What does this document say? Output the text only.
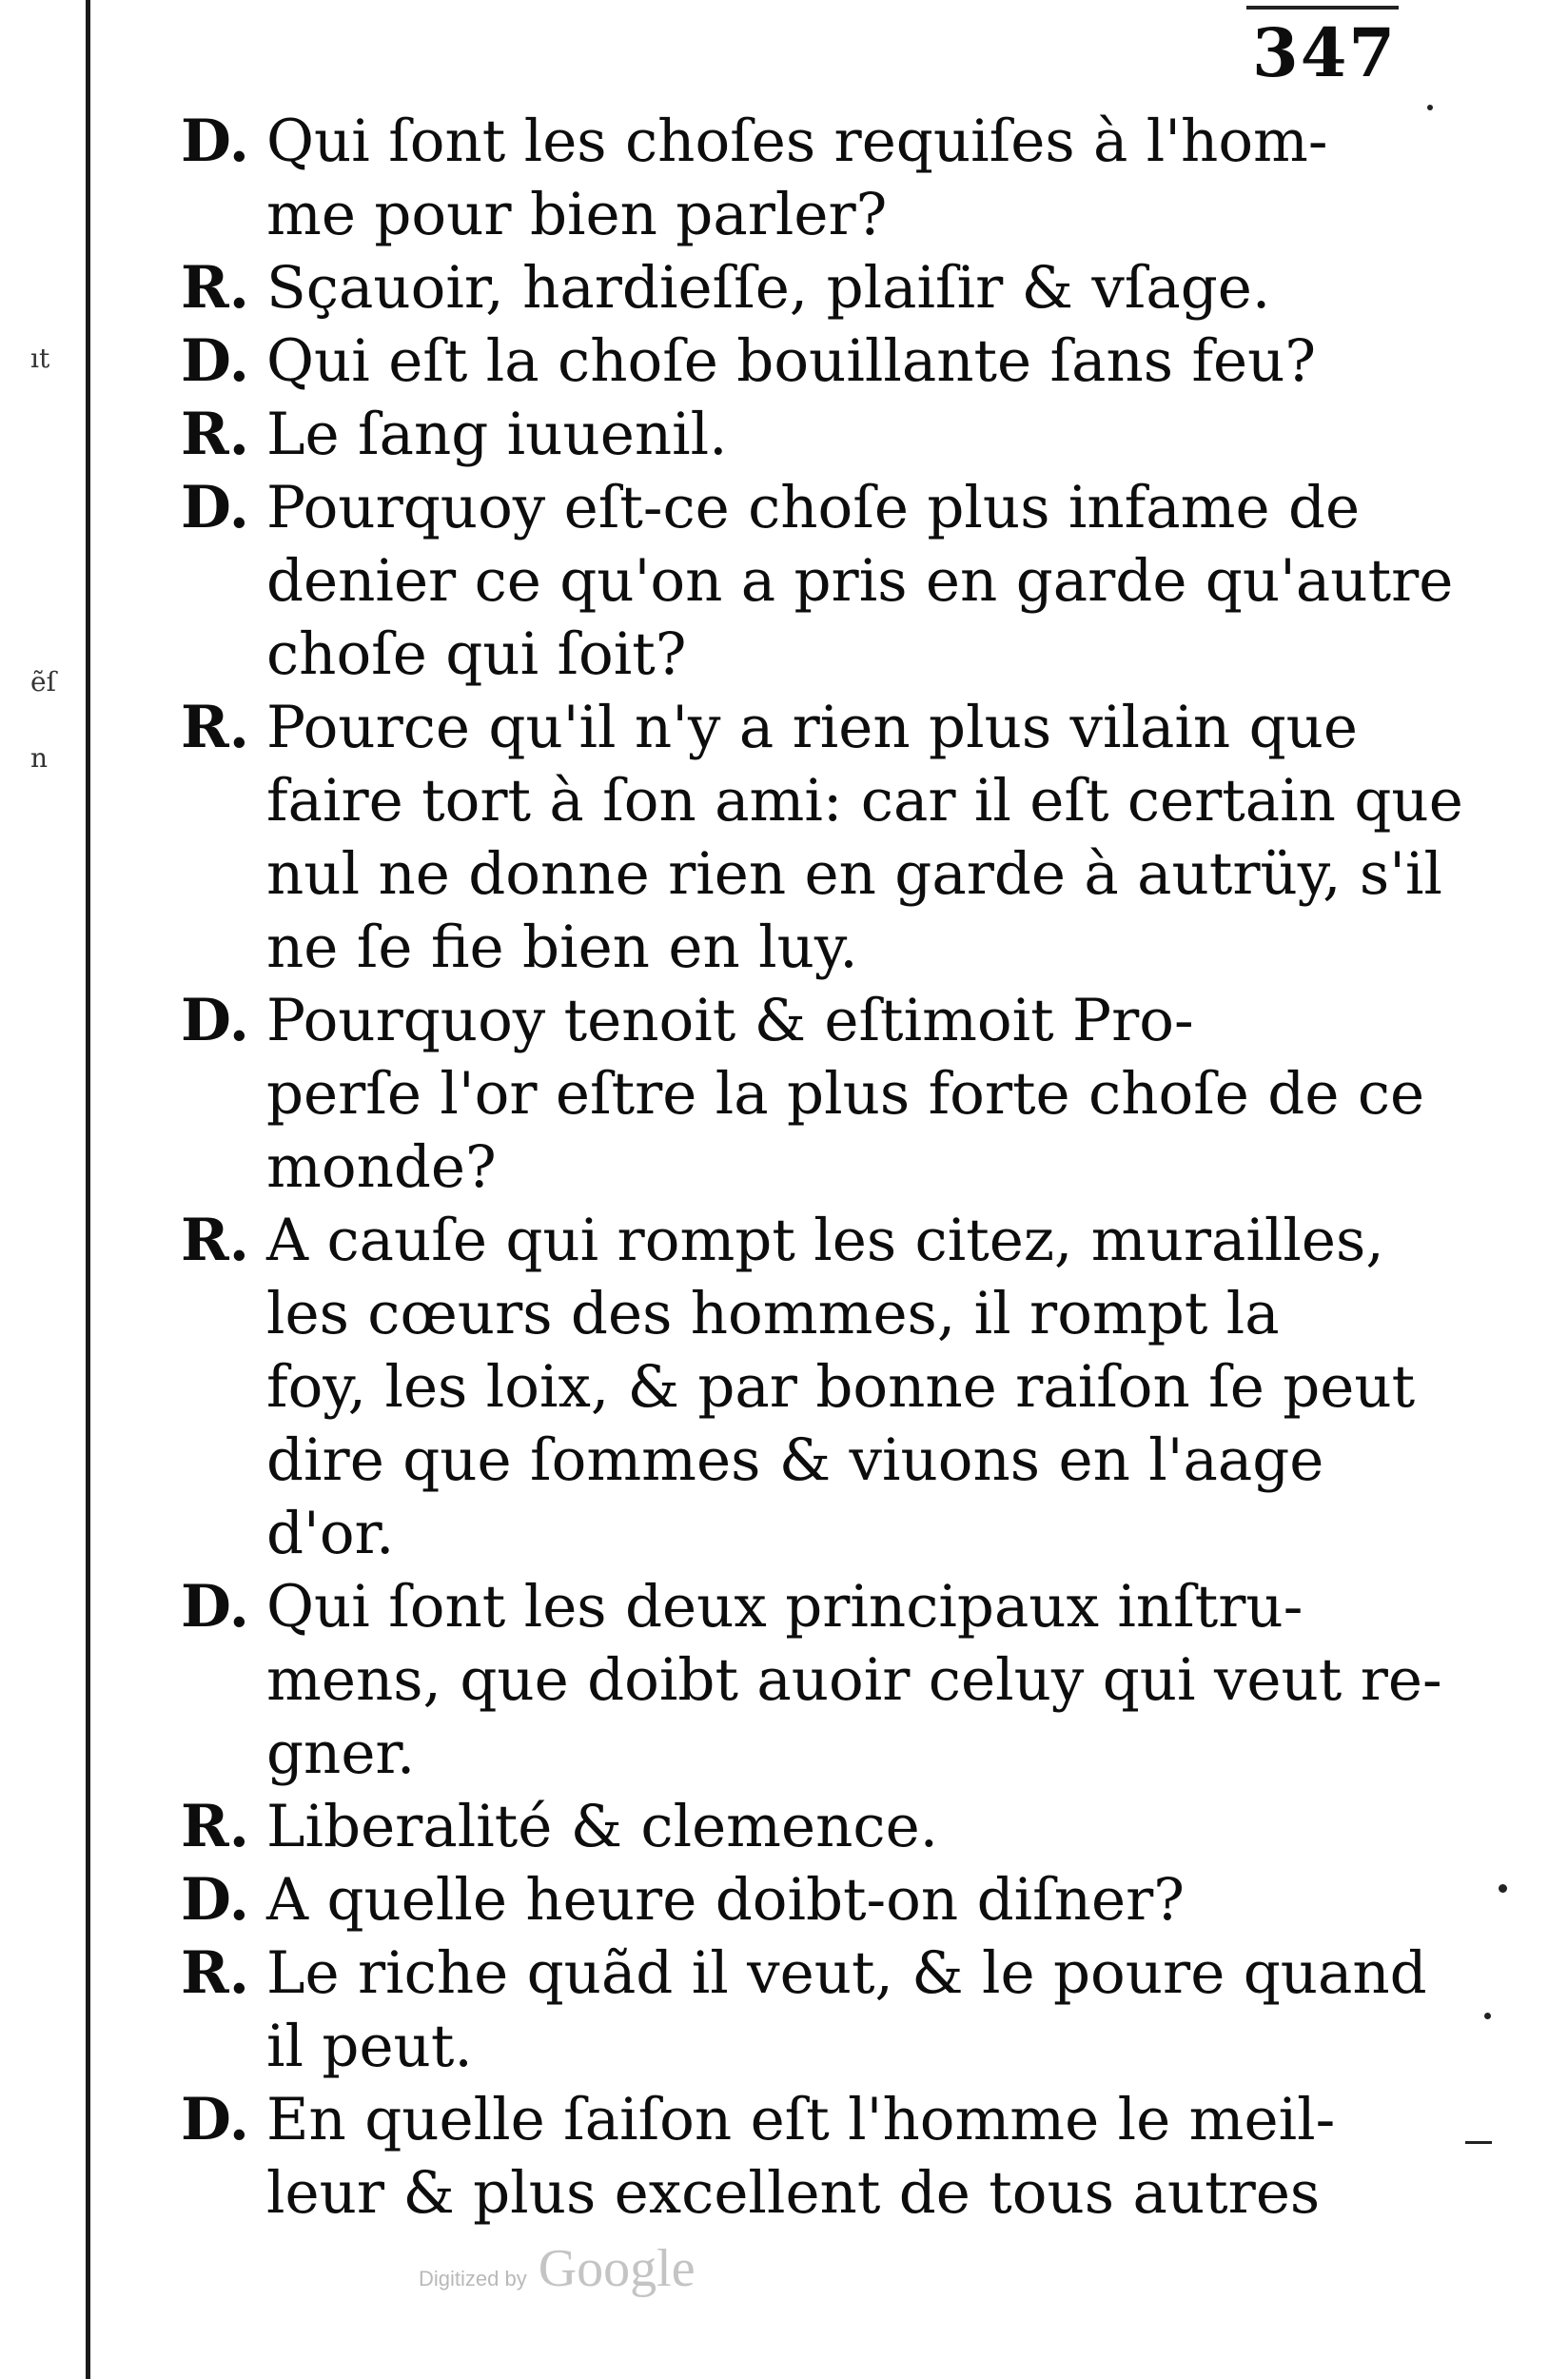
ıt
ẽſ
n
347

D. Qui ſont les choſes requiſes à l'hom-
me pour bien parler?

R. Sçauoir, hardieſſe, plaiſir & vſage.

D. Qui eſt la choſe bouillante ſans feu?

R. Le ſang iuuenil.

D. Pourquoy eſt-ce choſe plus infame de
denier ce qu'on a pris en garde qu'autre
choſe qui ſoit?

R. Pource qu'il n'y a rien plus vilain que
faire tort à ſon ami: car il eſt certain que
nul ne donne rien en garde à autrüy, s'il
ne ſe fie bien en luy.

D. Pourquoy tenoit & eſtimoit Pro-
perſe l'or eſtre la plus forte choſe de ce
monde?

R. A cauſe qui rompt les citez, murailles,
les cœurs des hommes, il rompt la
foy, les loix, & par bonne raiſon ſe peut
dire que ſommes & viuons en l'aage
d'or.

D. Qui ſont les deux principaux inſtru-
mens, que doibt auoir celuy qui veut re-
gner.

R. Liberalité & clemence.

D. A quelle heure doibt-on diſner?

R. Le riche quãd il veut, & le poure quand
il peut.

D. En quelle ſaiſon eſt l'homme le meil-
leur & plus excellent de tous autres

Digitized by Google
